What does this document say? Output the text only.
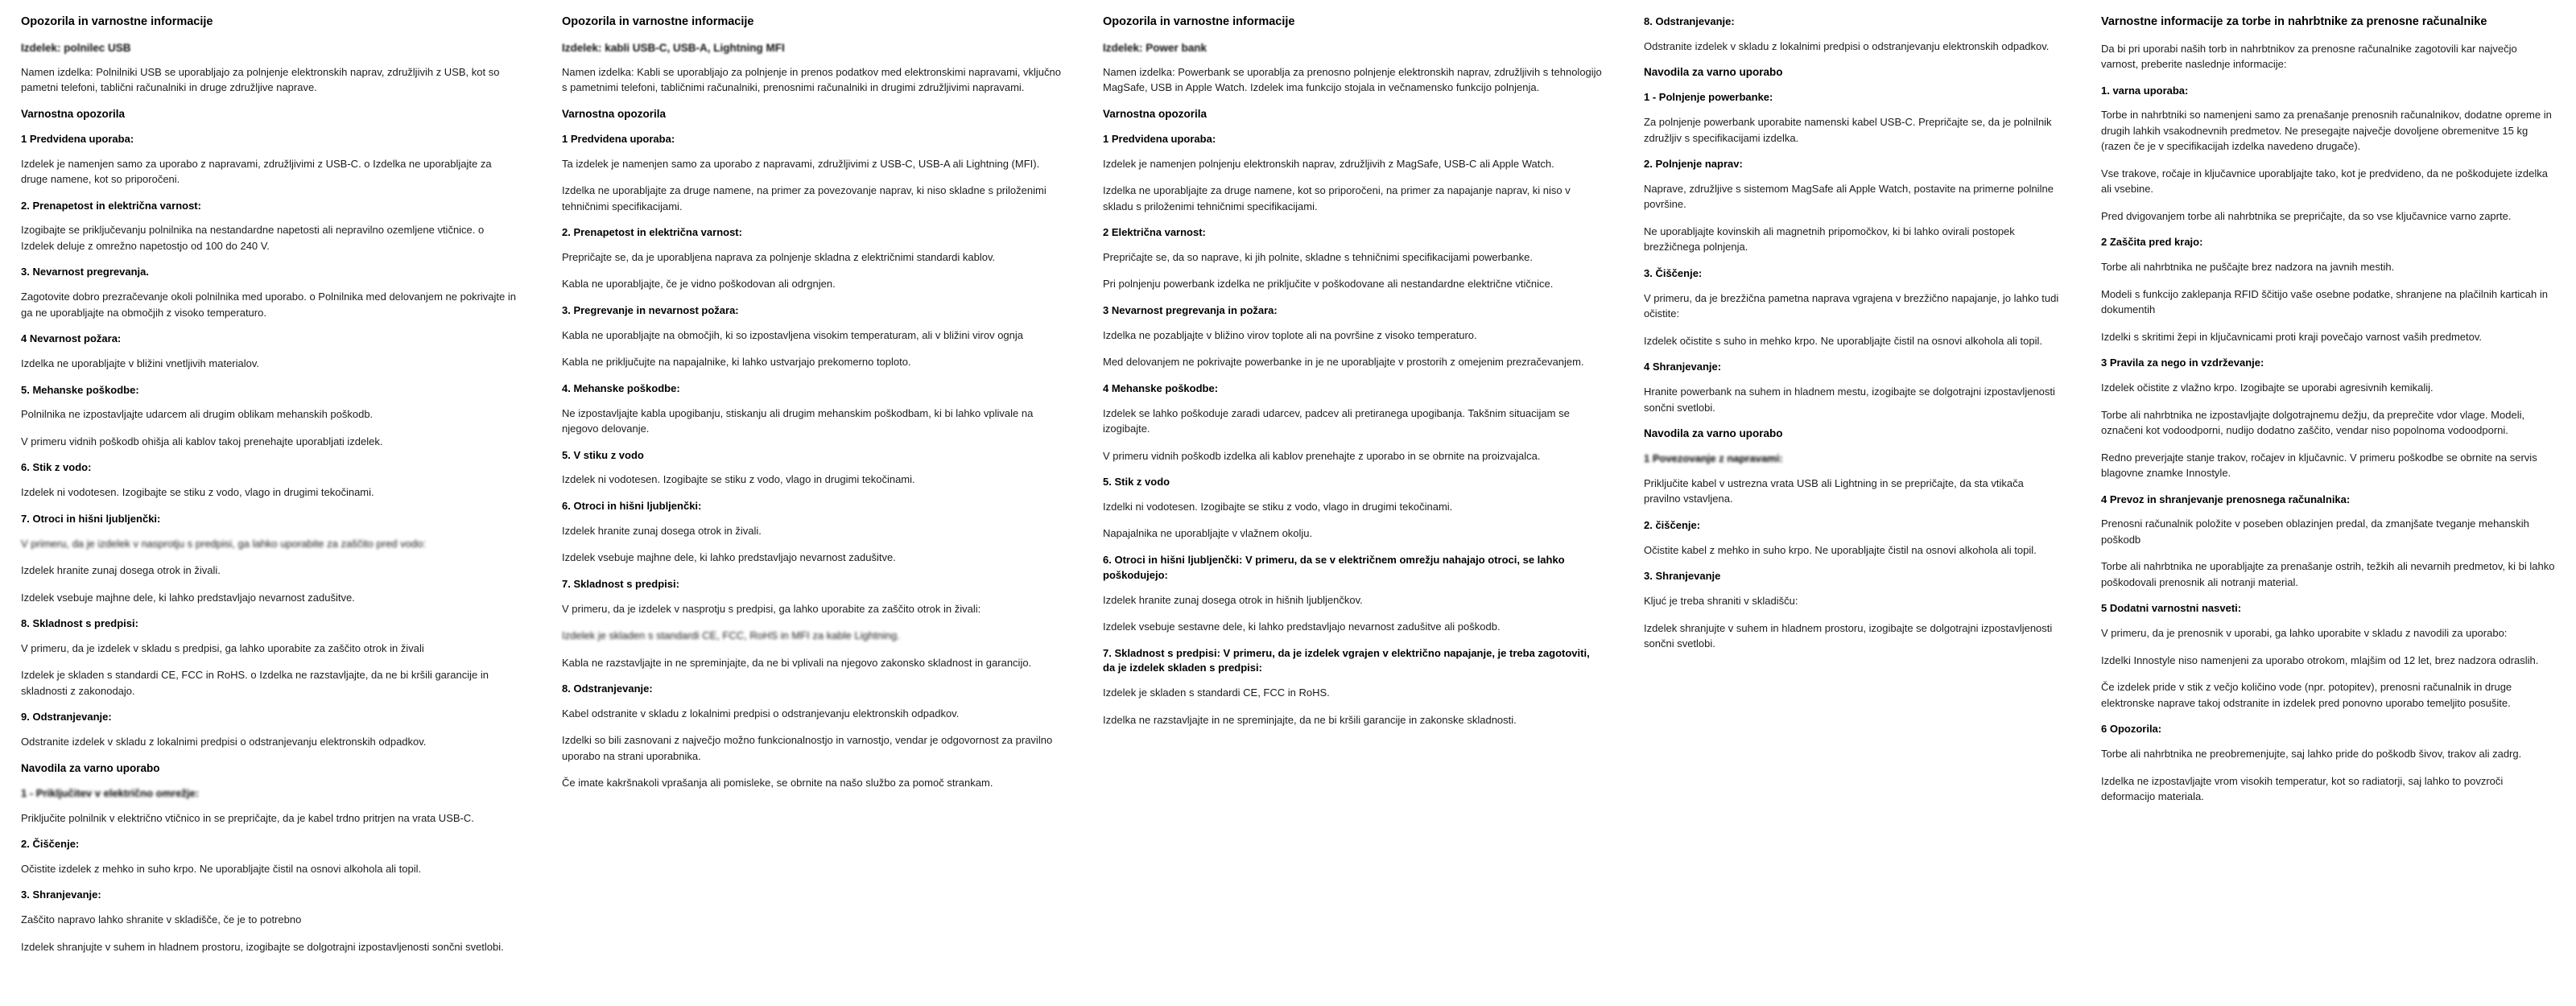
Opozorila in varnostne informacije
Izdelek: polnilec USB
Namen izdelka: Polnilniki USB se uporabljajo za polnjenje elektronskih naprav, združljivih z USB, kot so pametni telefoni, tablični računalniki in druge združljive naprave.
Varnostna opozorila
1 Predvidena uporaba:
Izdelek je namenjen samo za uporabo z napravami, združljivimi z USB-C. o Izdelka ne uporabljajte za druge namene, kot so priporočeni.
2. Prenapetost in električna varnost:
Izogibajte se priključevanju polnilnika na nestandardne napetosti ali nepravilno ozemljene vtičnice. o Izdelek deluje z omrežno napetostjo od 100 do 240 V.
3. Nevarnost pregrevanja.
Zagotovite dobro prezračevanje okoli polnilnika med uporabo. o Polnilnika med delovanjem ne pokrivajte in ga ne uporabljajte na območjih z visoko temperaturo.
4 Nevarnost požara:
Izdelka ne uporabljajte v bližini vnetljivih materialov.
5. Mehanske poškodbe:
Polnilnika ne izpostavljajte udarcem ali drugim oblikam mehanskih poškodb.
V primeru vidnih poškodb ohišja ali kablov takoj prenehajte uporabljati izdelek.
6. Stik z vodo:
Izdelek ni vodotesen. Izogibajte se stiku z vodo, vlago in drugimi tekočinami.
7. Otroci in hišni ljubljenčki:
V primeru, da je izdelek v nasprotju s predpisi, ga lahko uporabite za zaščito pred vodo:
Izdelek hranite zunaj dosega otrok in živali.
Izdelek vsebuje majhne dele, ki lahko predstavljajo nevarnost zadušitve.
8. Skladnost s predpisi:
V primeru, da je izdelek v skladu s predpisi, ga lahko uporabite za zaščito otrok in živali
Izdelek je skladen s standardi CE, FCC in RoHS. o Izdelka ne razstavljajte, da ne bi kršili garancije in skladnosti z zakonodajo.
9. Odstranjevanje:
Odstranite izdelek v skladu z lokalnimi predpisi o odstranjevanju elektronskih odpadkov.
Navodila za varno uporabo
1 - Priključitev v električno omrežje:
Priključite polnilnik v električno vtičnico in se prepričajte, da je kabel trdno pritrjen na vrata USB-C.
2. Čiščenje:
Očistite izdelek z mehko in suho krpo. Ne uporabljajte čistil na osnovi alkohola ali topil.
3. Shranjevanje:
Zaščito napravo lahko shranite v skladišče, če je to potrebno
Izdelek shranjujte v suhem in hladnem prostoru, izogibajte se dolgotrajni izpostavljenosti sončni svetlobi.
Opozorila in varnostne informacije
Izdelek: kabli USB-C, USB-A, Lightning MFI
Namen izdelka: Kabli se uporabljajo za polnjenje in prenos podatkov med elektronskimi napravami, vključno s pametnimi telefoni, tabličnimi računalniki, prenosnimi računalniki in drugimi združljivimi napravami.
Varnostna opozorila
1 Predvidena uporaba:
Ta izdelek je namenjen samo za uporabo z napravami, združljivimi z USB-C, USB-A ali Lightning (MFI).
Izdelka ne uporabljajte za druge namene, na primer za povezovanje naprav, ki niso skladne s priloženimi tehničnimi specifikacijami.
2. Prenapetost in električna varnost:
Prepričajte se, da je uporabljena naprava za polnjenje skladna z električnimi standardi kablov.
Kabla ne uporabljajte, če je vidno poškodovan ali odrgnjen.
3. Pregrevanje in nevarnost požara:
Kabla ne uporabljajte na območjih, ki so izpostavljena visokim temperaturam, ali v bližini virov ognja
Kabla ne priključujte na napajalnike, ki lahko ustvarjajo prekomerno toploto.
4. Mehanske poškodbe:
Ne izpostavljajte kabla upogibanju, stiskanju ali drugim mehanskim poškodbam, ki bi lahko vplivale na njegovo delovanje.
5. V stiku z vodo
Izdelek ni vodotesen. Izogibajte se stiku z vodo, vlago in drugimi tekočinami.
6. Otroci in hišni ljubljenčki:
Izdelek hranite zunaj dosega otrok in živali.
Izdelek vsebuje majhne dele, ki lahko predstavljajo nevarnost zadušitve.
7. Skladnost s predpisi:
V primeru, da je izdelek v nasprotju s predpisi, ga lahko uporabite za zaščito otrok in živali:
Izdelek je skladen s standardi CE, FCC, RoHS in MFI za kable Lightning.
Kabla ne razstavljajte in ne spreminjajte, da ne bi vplivali na njegovo zakonsko skladnost in garancijo.
8. Odstranjevanje:
Kabel odstranite v skladu z lokalnimi predpisi o odstranjevanju elektronskih odpadkov.
Izdelki so bili zasnovani z največjo možno funkcionalnostjo in varnostjo, vendar je odgovornost za pravilno uporabo na strani uporabnika.
Če imate kakršnakoli vprašanja ali pomislekе, se obrnite na našo službo za pomoč strankam.
Opozorila in varnostne informacije
Izdelek: Power bank
Namen izdelka: Powerbank se uporablja za prenosno polnjenje elektronskih naprav, združljivih s tehnologijo MagSafe, USB in Apple Watch. Izdelek ima funkcijo stojala in večnamensko funkcijo polnjenja.
Varnostna opozorila
1 Predvidena uporaba:
Izdelek je namenjen polnjenju elektronskih naprav, združljivih z MagSafe, USB-C ali Apple Watch.
Izdelka ne uporabljajte za druge namene, kot so priporočeni, na primer za napajanje naprav, ki niso v skladu s priloženimi tehničnimi specifikacijami.
2 Električna varnost:
Prepričajte se, da so naprave, ki jih polnite, skladne s tehničnimi specifikacijami powerbanke.
Pri polnjenju powerbank izdelka ne priključite v poškodovane ali nestandardne električne vtičnice.
3 Nevarnost pregrevanja in požara:
Izdelka ne pozabljajte v bližino virov toplote ali na površine z visoko temperaturo.
Med delovanjem ne pokrivajte powerbanke in je ne uporabljajte v prostorih z omejenim prezračevanjem.
4 Mehanske poškodbe:
Izdelek se lahko poškoduje zaradi udarcev, padcev ali pretiranega upogibanja. Takšnim situacijam se izogibajte.
V primeru vidnih poškodb izdelka ali kablov prenehajte z uporabo in se obrnite na proizvajalca.
5. Stik z vodo
Izdelki ni vodotesen. Izogibajte se stiku z vodo, vlago in drugimi tekočinami.
Napajalnika ne uporabljajte v vlažnem okolju.
6. Otroci in hišni ljubljenčki: V primeru, da se v električnem omrežju nahajajo otroci, se lahko poškodujejo:
Izdelek hranite zunaj dosega otrok in hišnih ljubljenčkov.
Izdelek vsebuje sestavne dele, ki lahko predstavljajo nevarnost zadušitve ali poškodb.
7. Skladnost s predpisi: V primeru, da je izdelek vgrajen v električno napajanje, je treba zagotoviti, da je izdelek skladen s predpisi:
Izdelek je skladen s standardi CE, FCC in RoHS.
Izdelka ne razstavljajte in ne spreminjajte, da ne bi kršili garancije in zakonske skladnosti.
8. Odstranjevanje:
Odstranite izdelek v skladu z lokalnimi predpisi o odstranjevanju elektronskih odpadkov.
Navodila za varno uporabo
1 - Polnjenje powerbanke:
Za polnjenje powerbank uporabite namenski kabel USB-C. Prepričajte se, da je polnilnik združljiv s specifikacijami izdelka.
2. Polnjenje naprav:
Naprave, združljive s sistemom MagSafe ali Apple Watch, postavite na primerne polnilne površine.
Ne uporabljajte kovinskih ali magnetnih pripomočkov, ki bi lahko ovirali postopek brezžičnega polnjenja.
3. Čiščenje:
V primeru, da je brezžična pametna naprava vgrajena v brezžično napajanje, jo lahko tudi očistite:
Izdelek očistite s suho in mehko krpo. Ne uporabljajte čistil na osnovi alkohola ali topil.
4 Shranjevanje:
Hranite powerbank na suhem in hladnem mestu, izogibajte se dolgotrajni izpostavljenosti sončni svetlobi.
Navodila za varno uporabo
1 Povezovanje z napravami:
Priključite kabel v ustrezna vrata USB ali Lightning in se prepričajte, da sta vtikača pravilno vstavljena.
2. čiščenje:
Očistite kabel z mehko in suho krpo. Ne uporabljajte čistil na osnovi alkohola ali topil.
3. Shranjevanje
Kljuć je treba shraniti v skladišču:
Izdelek shranjujte v suhem in hladnem prostoru, izogibajte se dolgotrajni izpostavljenosti sončni svetlobi.
Varnostne informacije za torbe in nahrbtnike za prenosne računalnike
Da bi pri uporabi naših torb in nahrbtnikov za prenosne računalnike zagotovili kar največjo varnost, preberite naslednje informacije:
1. varna uporaba:
Torbe in nahrbtniki so namenjeni samo za prenašanje prenosnih računalnikov, dodatne opreme in drugih lahkih vsakodnevnih predmetov. Ne presegajte največje dovoljene obremenitve 15 kg (razen če je v specifikacijah izdelka navedeno drugače).
Vse trakove, ročaje in ključavnice uporabljajte tako, kot je predvideno, da ne poškodujete izdelka ali vsebine.
Pred dvigovanjem torbe ali nahrbtnika se prepričajte, da so vse ključavnice varno zaprte.
2 Zaščita pred krajo:
Torbe ali nahrbtnika ne puščajte brez nadzora na javnih mestih.
Modeli s funkcijo zaklepanja RFID ščitijo vaše osebne podatke, shranjene na plačilnih karticah in dokumentih
Izdelki s skritimi žepi in ključavnicami proti kraji povečajo varnost vaših predmetov.
3 Pravila za nego in vzdrževanje:
Izdelek očistite z vlažno krpo. Izogibajte se uporabi agresivnih kemikalij.
Torbe ali nahrbtnika ne izpostavljajte dolgotrajnemu dežju, da preprečite vdor vlage. Modeli, označeni kot vodoodporni, nudijo dodatno zaščito, vendar niso popolnoma vodoodporni.
Redno preverjajte stanje trakov, ročajev in ključavnic. V primeru poškodbe se obrnite na servis blagovne znamke Innostyle.
4 Prevoz in shranjevanje prenosnega računalnika:
Prenosni računalnik položite v poseben oblazinjen predal, da zmanjšate tveganje mehanskih poškodb
Torbe ali nahrbtnika ne uporabljajte za prenašanje ostrih, težkih ali nevarnih predmetov, ki bi lahko poškodovali prenosnik ali notranji material.
5 Dodatni varnostni nasveti:
V primeru, da je prenosnik v uporabi, ga lahko uporabite v skladu z navodili za uporabo:
Izdelki Innostyle niso namenjeni za uporabo otrokom, mlajšim od 12 let, brez nadzora odraslih.
Če izdelek pride v stik z večjo količino vode (npr. potopitev), prenosni računalnik in druge elektronske naprave takoj odstranite in izdelek pred ponovno uporabo temeljito posušite.
6 Opozorila:
Torbe ali nahrbtnika ne preobremenjujte, saj lahko pride do poškodb šivov, trakov ali zadrg.
Izdelka ne izpostavljajte vrom visokih temperatur, kot so radiatorji, saj lahko to povzroči deformacijo materiala.
